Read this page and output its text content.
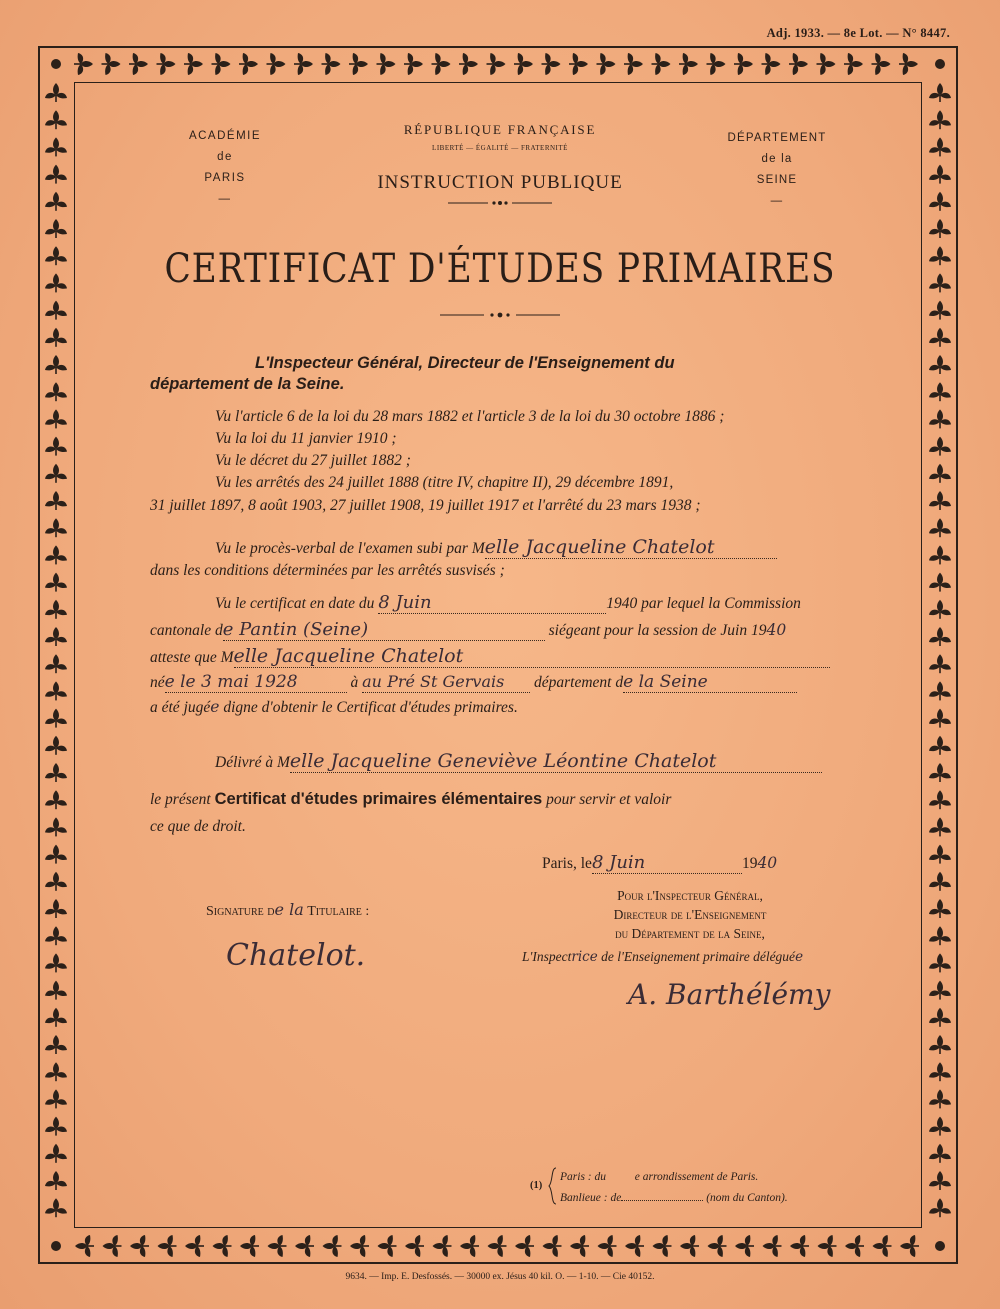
Adj. 1933. — 8e Lot. — N° 8447.
ACADÉMIE
de
PARIS
—
RÉPUBLIQUE FRANÇAISE
LIBERTÉ — ÉGALITÉ — FRATERNITÉ
INSTRUCTION PUBLIQUE
DÉPARTEMENT
de la
SEINE
—
CERTIFICAT D'ÉTUDES PRIMAIRES
L'Inspecteur Général, Directeur de l'Enseignement du
département de la Seine.
Vu l'article 6 de la loi du 28 mars 1882 et l'article 3 de la loi du 30 octobre 1886 ;
Vu la loi du 11 janvier 1910 ;
Vu le décret du 27 juillet 1882 ;
Vu les arrêtés des 24 juillet 1888 (titre IV, chapitre II), 29 décembre 1891,
31 juillet 1897, 8 août 1903, 27 juillet 1908, 19 juillet 1917 et l'arrêté du 23 mars 1938 ;
Vu le procès-verbal de l'examen subi par Melle Jacqueline Chatelot
dans les conditions déterminées par les arrêtés susvisés ;
Vu le certificat en date du 8 Juin	1940 par lequel la Commission
cantonale de Pantin (Seine)	siégeant pour la session de Juin 1940
atteste que Melle Jacqueline Chatelot
née le 3 mai 1928	à au Pré St Gervais département de la Seine
a été jugée digne d'obtenir le Certificat d'études primaires.
Délivré à Melle Jacqueline Geneviève Léontine Chatelot
le présent Certificat d'études primaires élémentaires pour servir et valoir
ce que de droit.
Paris, le8 Juin	1940
Signature de la Titulaire :
Chatelot.
Pour l'Inspecteur Général,
Directeur de l'Enseignement
du Département de la Seine,
L'Inspectrice de l'Enseignement primaire déléguée
A. Barthélémy
(1)
Paris : du          e arrondissement de Paris.
Banlieue : de	(nom du Canton).
9634. — Imp. E. Desfossés. — 30000 ex. Jésus 40 kil. O. — 1-10. — Cie 40152.
